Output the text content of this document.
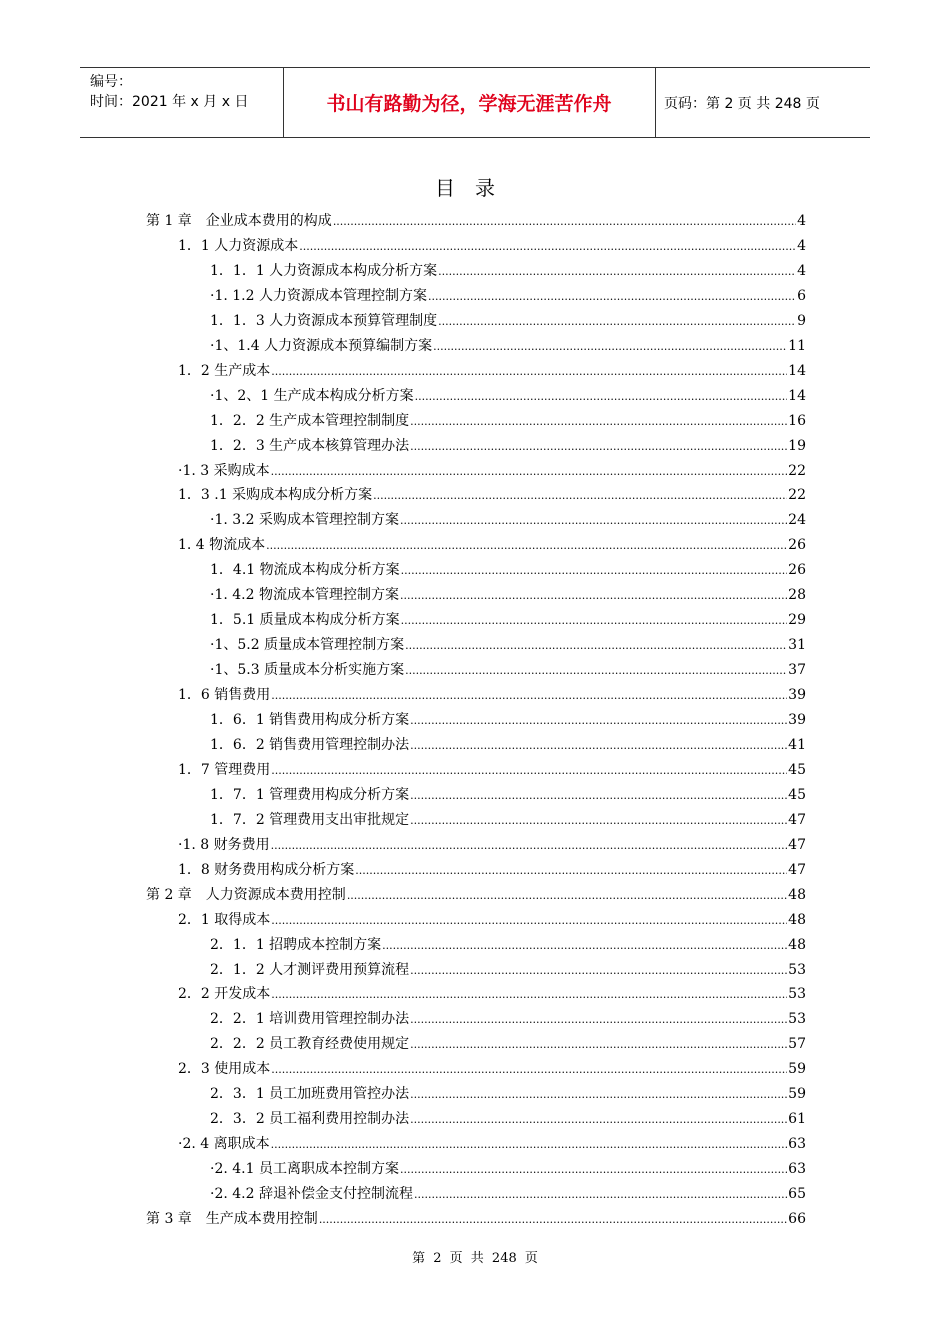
编号：
时间：2021 年 x 月 x 日	书山有路勤为径，学海无涯苦作舟	页码：第 2 页 共 248 页
目录
第 1 章　企业成本费用的构成 .....	4
1．1 人力资源成本 .....	4
1．1．1 人力资源成本构成分析方案 .....	4
·1. 1.2 人力资源成本管理控制方案 .....	6
1．1．3 人力资源成本预算管理制度 .....	9
·1、1.4 人力资源成本预算编制方案 .....	11
1．2 生产成本 .....	14
·1、2、1 生产成本构成分析方案 .....	14
1．2．2 生产成本管理控制制度 .....	16
1．2．3 生产成本核算管理办法 .....	19
·1. 3 采购成本 .....	22
1．3 .1 采购成本构成分析方案 .....	22
·1. 3.2 采购成本管理控制方案 .....	24
1. 4 物流成本 .....	26
1．4.1 物流成本构成分析方案 .....	26
·1. 4.2 物流成本管理控制方案 .....	28
1．5.1 质量成本构成分析方案 .....	29
·1、5.2 质量成本管理控制方案 .....	31
·1、5.3 质量成本分析实施方案 .....	37
1．6 销售费用 .....	39
1．6．1 销售费用构成分析方案 .....	39
1．6．2 销售费用管理控制办法 .....	41
1．7 管理费用 .....	45
1．7．1 管理费用构成分析方案 .....	45
1．7．2 管理费用支出审批规定 .....	47
·1. 8 财务费用 .....	47
1．8 财务费用构成分析方案 .....	47
第 2 章　人力资源成本费用控制 .....	48
2．1 取得成本 .....	48
2．1．1 招聘成本控制方案 .....	48
2．1．2 人才测评费用预算流程 .....	53
2．2 开发成本 .....	53
2．2．1 培训费用管理控制办法 .....	53
2．2．2 员工教育经费使用规定 .....	57
2．3 使用成本 .....	59
2．3．1 员工加班费用管控办法 .....	59
2．3．2 员工福利费用控制办法 .....	61
·2. 4 离职成本 .....	63
·2. 4.1 员工离职成本控制方案 .....	63
·2. 4.2 辞退补偿金支付控制流程 .....	65
第 3 章　生产成本费用控制 .....	66
第 2 页 共 248 页
